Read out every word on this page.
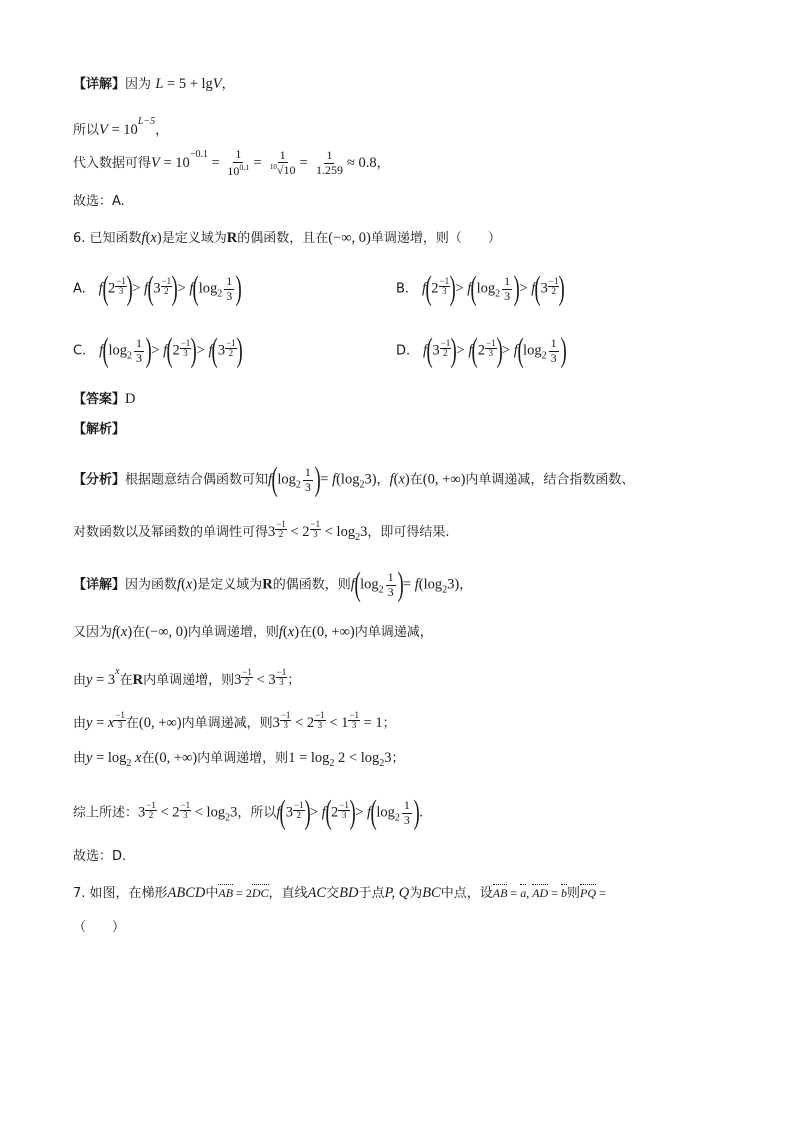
【详解】因为 L = 5 + lgV，
所以$V = 10^{L-5}$，
代入数据可得$V = 10^{-0.1} = \frac{1}{10^{0.1}} = \frac{1}{^{10}√10} = \frac{1}{1.259} \approx 0.8$，
故选：A.
6. 已知函数f(x)是定义域为R的偶函数，且在(−∞, 0)单调递增，则（　　）
A. $f(2 \frac{-1}{3}$ )> $f(3 \frac{-1}{2}$ )> $f(\log_2 \frac{1}{3}$ )	B. $f(2 \frac{-1}{3}$ )> $f(\log_2 \frac{1}{3}$ )> $f(3 \frac{-1}{2}$ )
C. $f(\log_2 \frac{1}{3}$ )> $f(2 \frac{-1}{3}$ )> $f(3 \frac{-1}{2}$ )	D. $f(3 \frac{-1}{2}$ )> $f(2 \frac{-1}{3}$ )> $f(\log_2 \frac{1}{3}$ )
【答案】D
【解析】
【分析】根据题意结合偶函数可知$f(\log_2 \frac{1}{3}$ )= $f(\log_23)$，f(x)在(0, +∞)内单调递减，结合指数函数、
对数函数以及幂函数的单调性可得$3 \frac{-1}{2} < 2 \frac{-1}{3} < \log_23$，即可得结果.
【详解】因为函数f(x)是定义域为R的偶函数，则$f(\log_2 \frac{1}{3}$ )= $f(\log_23)$，
又因为f(x)在(−∞, 0)内单调递增，则f(x)在(0, +∞)内单调递减，
由$y = 3^x$在R内单调递增，则$3 \frac{-1}{2} < 3 \frac{-1}{3}$ ；
由y = x $\frac{-1}{3}$ 在(0, +∞)内单调递减，则$3 \frac{-1}{3} < 2 \frac{-1}{3} < 1 \frac{-1}{3} = 1$；
由$y = \log_2 x$在(0, +∞)内单调递增，则$1 = \log_2 2 < \log_23$；
综上所述：$3 \frac{-1}{2} < 2 \frac{-1}{3} < \log_23$，所以$f(3 \frac{-1}{2}$ )> $f(2 \frac{-1}{3}$ )> $f(\log_2 \frac{1}{3}$ ).
故选：D.
7. 如图，在梯形ABCD中AB = 2DC，直线AC交BD于点P, Q为BC中点，设AB = a, AD = b则PQ =
（　　）
